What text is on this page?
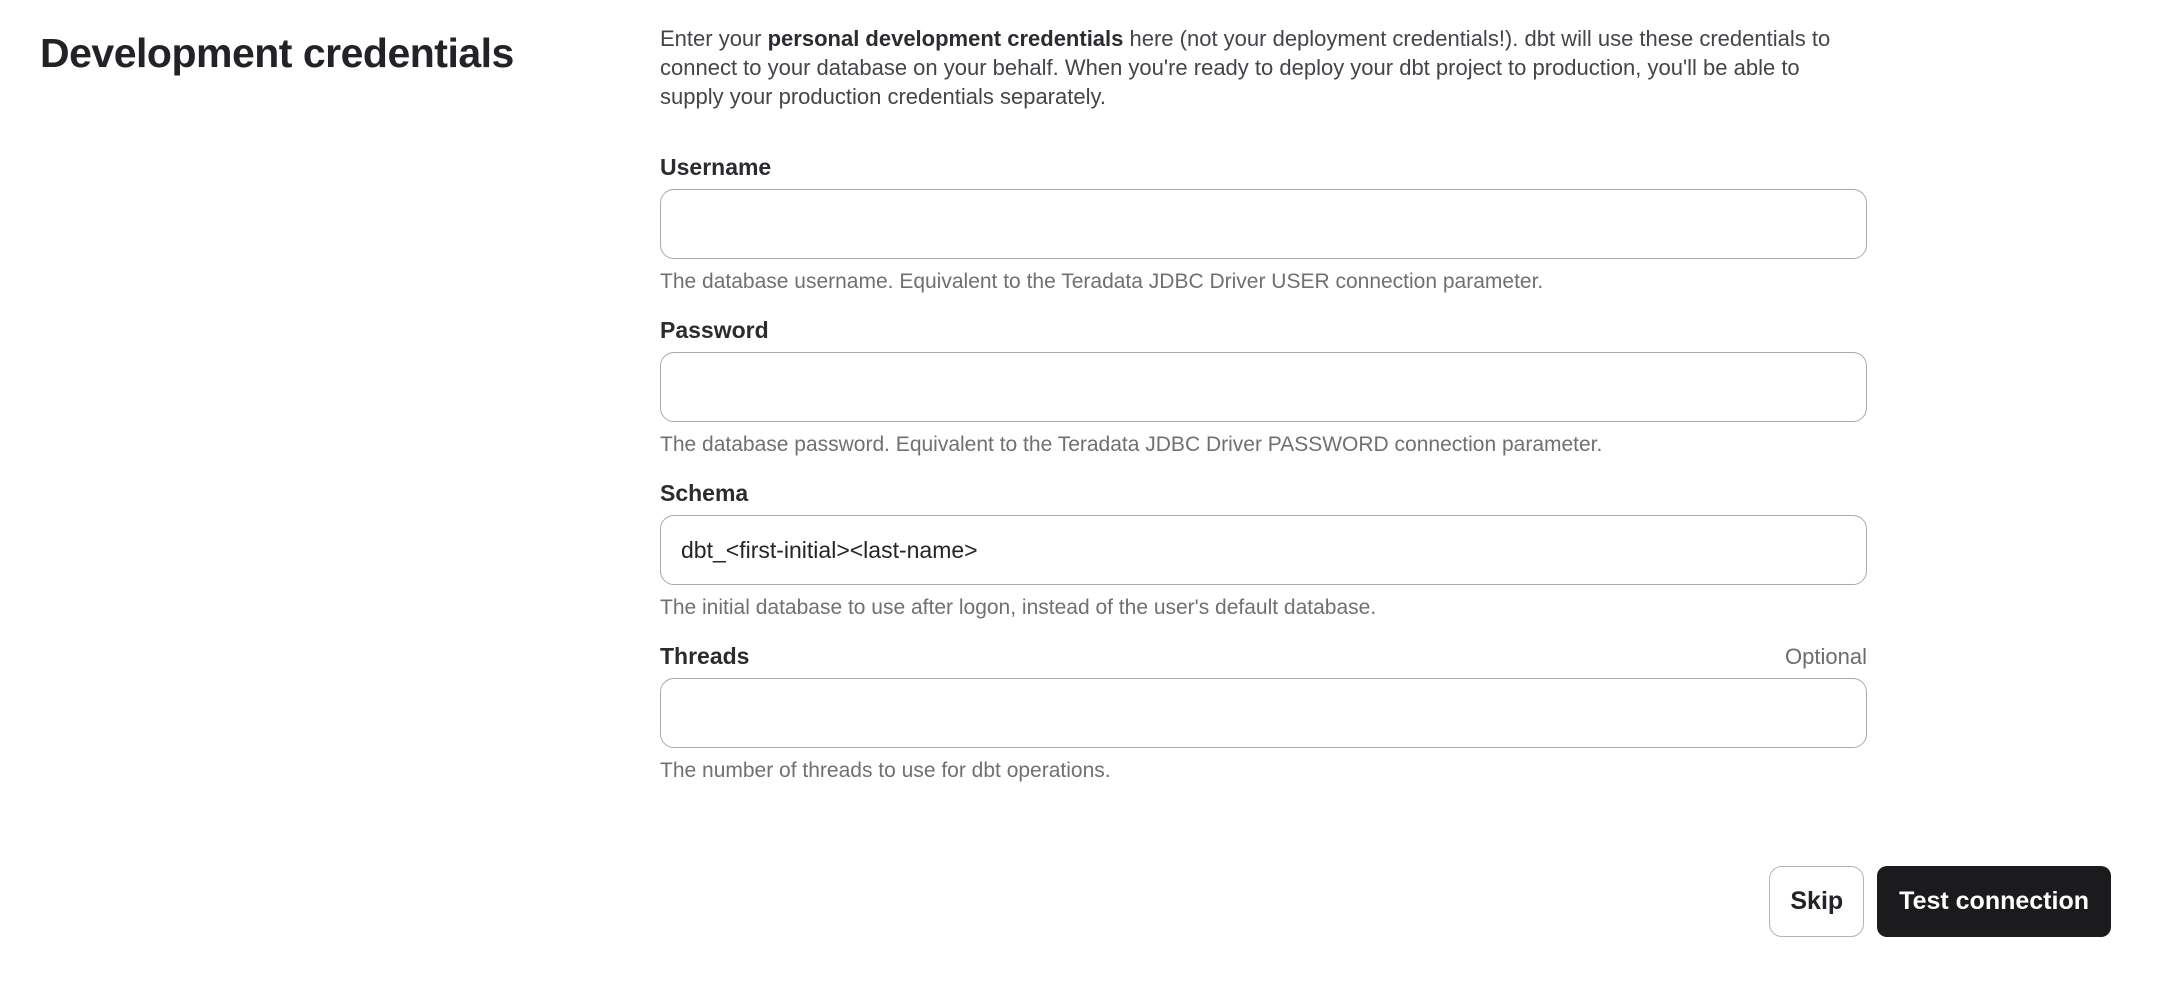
Development credentials	Enter your personal development credentials here (not your deployment credentials!). dbt will use these credentials to connect to your database on your behalf. When you're ready to deploy your dbt project to production, you'll be able to supply your production credentials separately.

Username

The database username. Equivalent to the Teradata JDBC Driver USER connection parameter.

Password

The database password. Equivalent to the Teradata JDBC Driver PASSWORD connection parameter.

Schema
dbt_<first-initial><last-name>

The initial database to use after logon, instead of the user's default database.

Threads	Optional

The number of threads to use for dbt operations.

Skip	Test connection
